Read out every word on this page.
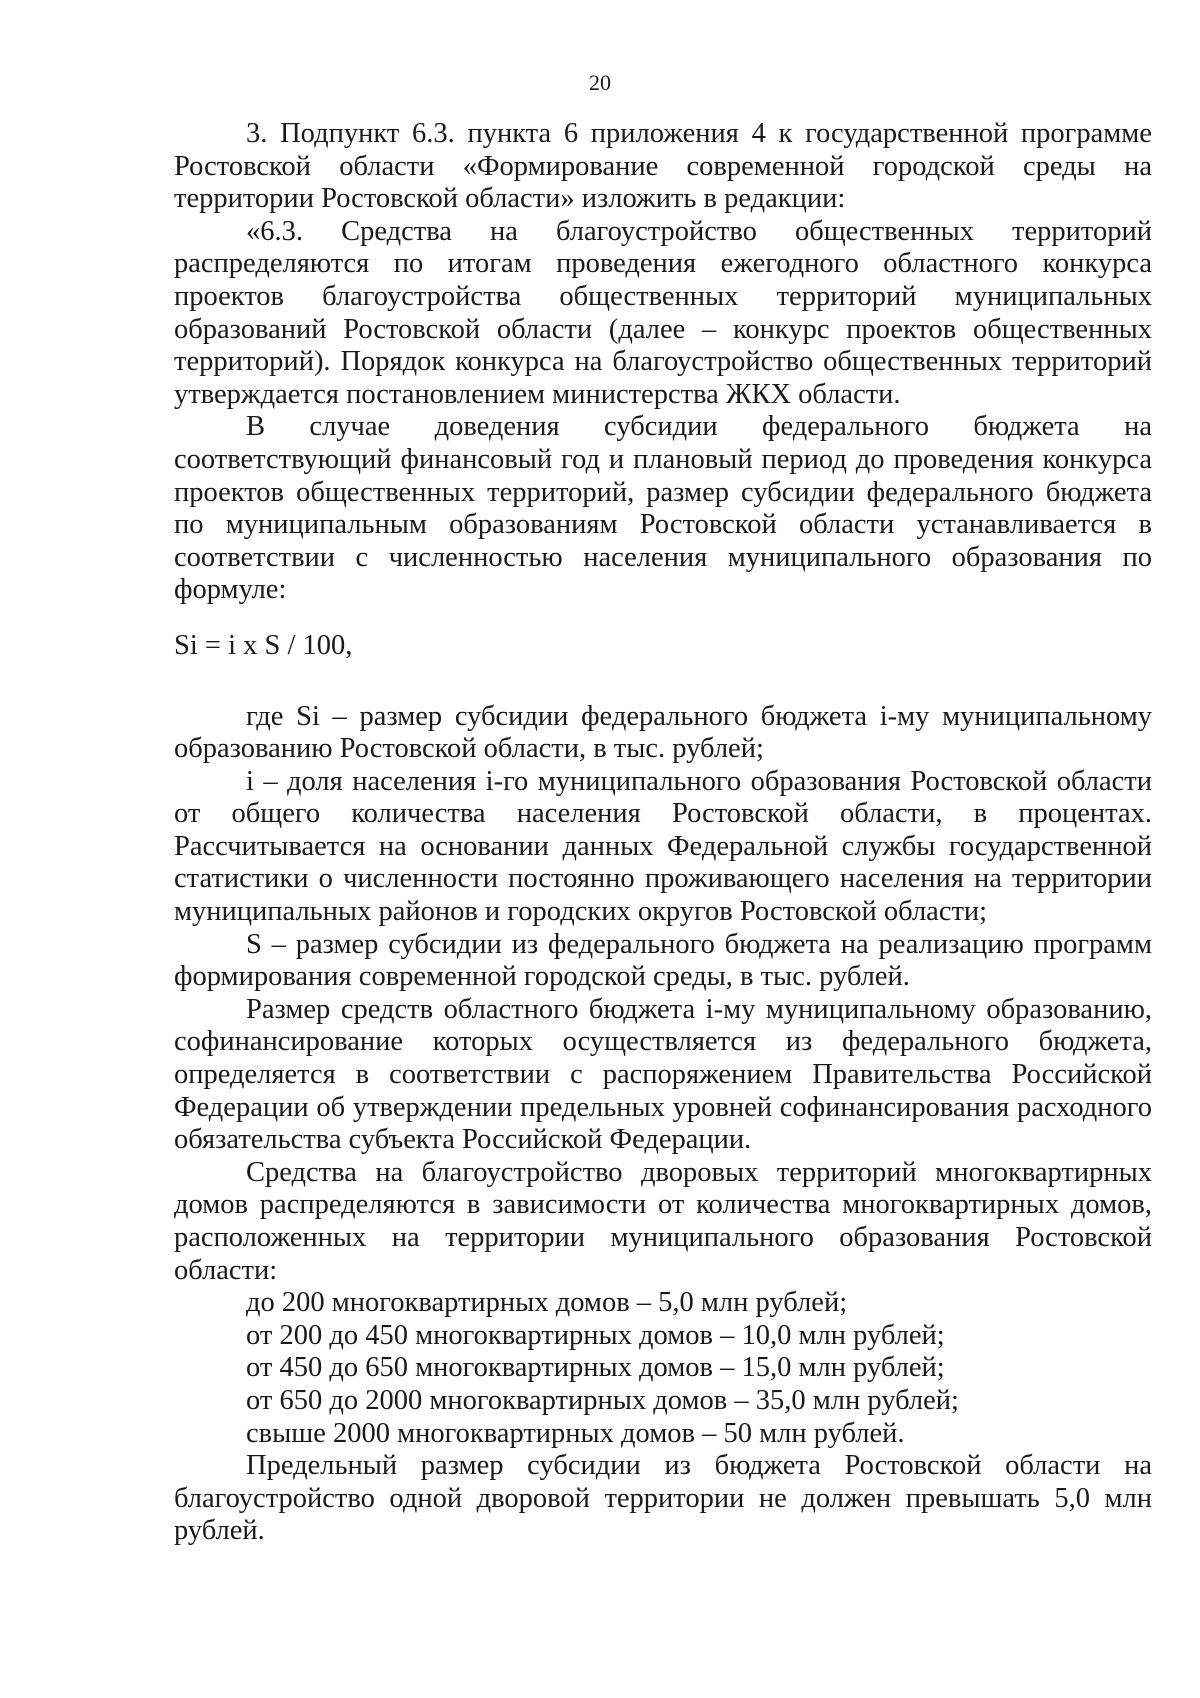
20

3. Подпункт 6.3. пункта 6 приложения 4 к государственной программе Ростовской области «Формирование современной городской среды на территории Ростовской области» изложить в редакции:

«6.3. Средства на благоустройство общественных территорий распределяются по итогам проведения ежегодного областного конкурса проектов благоустройства общественных территорий муниципальных образований Ростовской области (далее – конкурс проектов общественных территорий). Порядок конкурса на благоустройство общественных территорий утверждается постановлением министерства ЖКХ области.

В случае доведения субсидии федерального бюджета на соответствующий финансовый год и плановый период до проведения конкурса проектов общественных территорий, размер субсидии федерального бюджета по муниципальным образованиям Ростовской области устанавливается в соответствии с численностью населения муниципального образования по формуле:

Si = i x S / 100,

где Si – размер субсидии федерального бюджета i-му муниципальному образованию Ростовской области, в тыс. рублей;

i – доля населения i-го муниципального образования Ростовской области от общего количества населения Ростовской области, в процентах. Рассчитывается на основании данных Федеральной службы государственной статистики о численности постоянно проживающего населения на территории муниципальных районов и городских округов Ростовской области;

S – размер субсидии из федерального бюджета на реализацию программ формирования современной городской среды, в тыс. рублей.

Размер средств областного бюджета i-му муниципальному образованию, софинансирование которых осуществляется из федерального бюджета, определяется в соответствии с распоряжением Правительства Российской Федерации об утверждении предельных уровней софинансирования расходного обязательства субъекта Российской Федерации.

Средства на благоустройство дворовых территорий многоквартирных домов распределяются в зависимости от количества многоквартирных домов, расположенных на территории муниципального образования Ростовской области:

до 200 многоквартирных домов – 5,0 млн рублей;

от 200 до 450 многоквартирных домов – 10,0 млн рублей;

от 450 до 650 многоквартирных домов – 15,0 млн рублей;

от 650 до 2000 многоквартирных домов – 35,0 млн рублей;

свыше 2000 многоквартирных домов – 50 млн рублей.

Предельный размер субсидии из бюджета Ростовской области на благоустройство одной дворовой территории не должен превышать 5,0 млн рублей.
